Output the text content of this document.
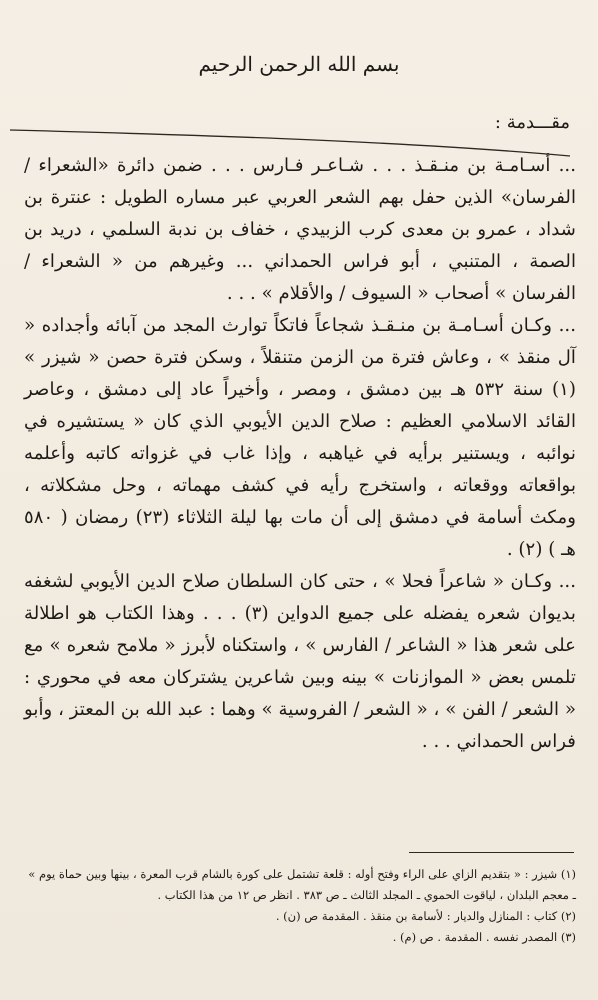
بسم الله الرحمن الرحيم
مقـــدمة :

... أسـامـة بن منـقـذ . . . شـاعـر فـارس . . . ضمن دائرة «الشعراء / الفرسان» الذين حفل بهم الشعر العربي عبر مساره الطويل : عنترة بن شداد ، عمرو بن معدى كرب الزبيدي ، خفاف بن ندبة السلمي ، دريد بن الصمة ، المتنبي ، أبو فراس الحمداني ... وغيرهم من « الشعراء / الفرسان » أصحاب « السيوف / والأقلام » . . .

... وكـان أسـامـة بن منـقـذ شجاعاً فاتكاً توارث المجد من آبائه وأجداده « آل منقذ » ، وعاش فترة من الزمن متنقلاً ، وسكن فترة حصن « شيزر » (١) سنة ٥٣٢ هـ بين دمشق ، ومصر ، وأخيراً عاد إلى دمشق ، وعاصر القائد الاسلامي العظيم : صلاح الدين الأيوبي الذي كان « يستشيره في نوائبه ، ويستنير برأيه في غياهبه ، وإذا غاب في غزواته كاتبه وأعلمه بواقعاته ووقعاته ، واستخرج رأيه في كشف مهماته ، وحل مشكلاته ، ومكث أسامة في دمشق إلى أن مات بها ليلة الثلاثاء (٢٣) رمضان ( ٥٨٠ هـ ) (٢) .

... وكـان « شاعراً فحلا » ، حتى كان السلطان صلاح الدين الأيوبي لشغفه بديوان شعره يفضله على جميع الدواين (٣) . . . وهذا الكتاب هو اطلالة على شعر هذا « الشاعر / الفارس » ، واستكناه لأبرز « ملامح شعره » مع تلمس بعض « الموازنات » بينه وبين شاعرين يشتركان معه في محوري : « الشعر / الفن » ، « الشعر / الفروسية » وهما : عبد الله بن المعتز ، وأبو فراس الحمداني . . .

(١) شيزر : « بتقديم الزاي على الراء وفتح أوله : قلعة تشتمل على كورة بالشام قرب المعرة ، بينها وبين حماة يوم » ـ معجم البلدان ، لياقوت الحموي ـ المجلد الثالث ـ ص ٣٨٣ . انظر ص ١٢ من هذا الكتاب .

(٢) كتاب : المنازل والديار : لأسامة بن منقذ . المقدمة ص (ن) .

(٣) المصدر نفسه . المقدمة . ص (م) .
